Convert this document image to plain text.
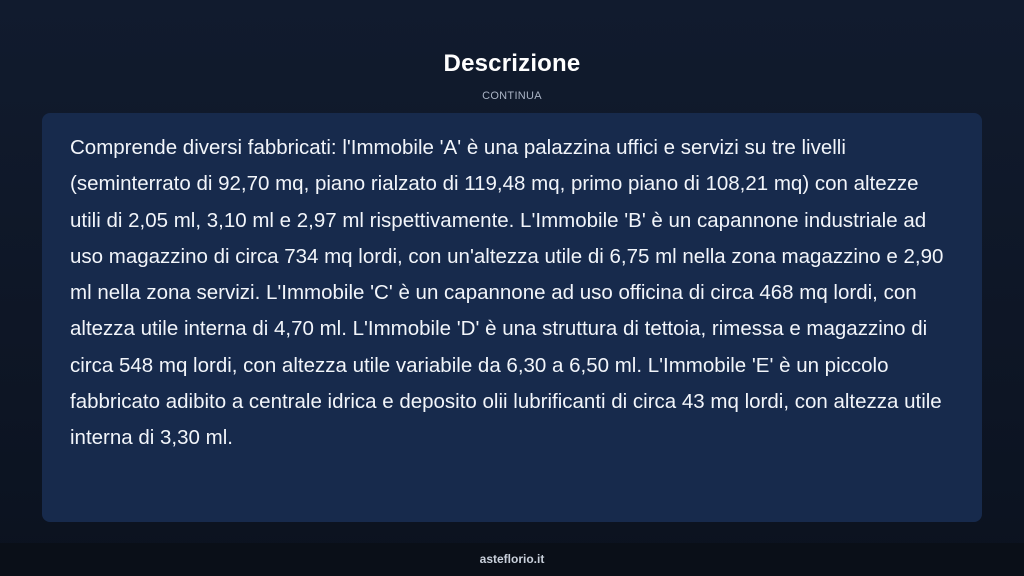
Descrizione
CONTINUA

Comprende diversi fabbricati: l'Immobile 'A' è una palazzina uffici e servizi su tre livelli (seminterrato di 92,70 mq, piano rialzato di 119,48 mq, primo piano di 108,21 mq) con altezze utili di 2,05 ml, 3,10 ml e 2,97 ml rispettivamente. L'Immobile 'B' è un capannone industriale ad uso magazzino di circa 734 mq lordi, con un'altezza utile di 6,75 ml nella zona magazzino e 2,90 ml nella zona servizi. L'Immobile 'C' è un capannone ad uso officina di circa 468 mq lordi, con altezza utile interna di 4,70 ml. L'Immobile 'D' è una struttura di tettoia, rimessa e magazzino di circa 548 mq lordi, con altezza utile variabile da 6,30 a 6,50 ml. L'Immobile 'E' è un piccolo fabbricato adibito a centrale idrica e deposito olii lubrificanti di circa 43 mq lordi, con altezza utile interna di 3,30 ml.

asteflorio.it
